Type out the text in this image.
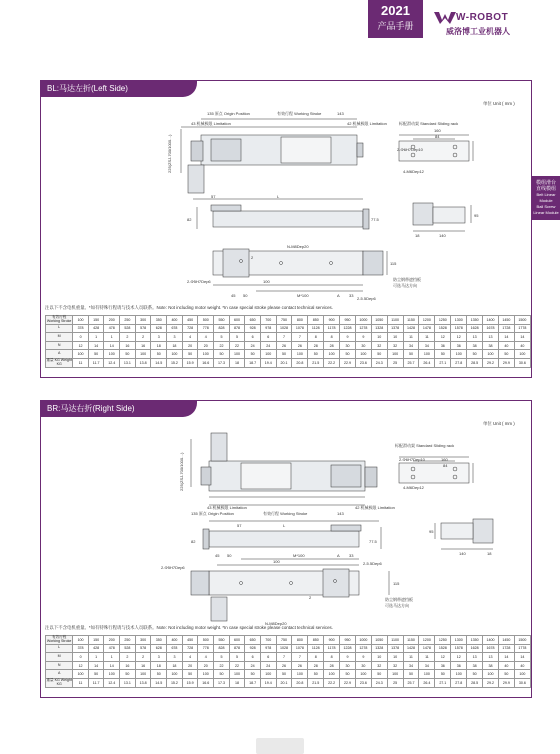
2021
产品手册
W-ROBOT
威洛博工业机器人
模组滑台
直线模组
Belt Linear Module
Ball Screw Linear Module
BL:马达左折(Left Side)
单位 Unit ( mm )
135 原点 Origin Position	有效行程 Working Stroke	143
43 机械极限 Limitation	42 机械极限 Limitation	标配滑动架 Standard Sliding rack
160
84
2-Φ6H7Dep10
4-M6Dep12
57	L
82	77.5
95
18	140
N-M8Dep20
2-Φ5H7Dep6	100
M*100	A
45 50	33
2
115
2-5.5Dep6
防尘钢带遮挡板
可选马达方向
225(ZSJ-700/1000…)
注以下不含电机重量。*如有特殊行程请与技术人员联系。Note: Not including motor weight. *In case special stroke please contact technical services.
有效行程 Working Stroke	100	150	200	250	300	350	400	450	500	550	600	650	700	750	800	850	900	950	1000	1050	1100	1150	1200	1250	1300	1350	1400	1450	1500
L	378	428	478	528	578	628	678	728	778	828	878	928	978	1028	1078	1128	1178	1228	1278	1328	1378	1428	1478	1528	1578	1628	1678	1728	1778
M	0	1	1	2	2	3	3	4	4	5	5	6	6	7	7	8	8	9	9	10	10	11	11	12	12	13	13	14	14
N	12	14	14	16	16	18	18	20	20	22	22	24	24	26	26	28	28	30	30	32	32	34	34	36	36	38	38	40	40
A	100	50	100	50	100	50	100	50	100	50	100	50	100	50	100	50	100	50	100	50	100	50	100	50	100	50	100	50	100
重量 KG Weight KG	11	11.7	12.4	13.1	13.8	14.5	15.2	15.9	16.6	17.3	18	18.7	19.4	20.1	20.8	21.5	22.2	22.9	23.6	24.3	25	25.7	26.4	27.1	27.8	28.5	29.2	29.9	30.6
BR:马达右折(Right Side)
单位 Unit ( mm )
135 原点 Origin Position	有效行程 Working Stroke	143
43 机械极限 Limitation	42 机械极限 Limitation
标配滑动架 Standard Sliding rack
160
84
2-Φ6H7Dep10
4-M6Dep12
57	L
82	77.5
95
18
140
N-M8Dep20
2-Φ5H7Dep6
100
M*100	A
45 50	33
2
115
2-5.5Dep6
防尘钢带遮挡板
可选马达方向
225(ZSJ-700/1000…)
注以下不含电机重量。*如有特殊行程请与技术人员联系。Note: Not including motor weight. *In case special stroke please contact technical services.
有效行程 Working Stroke	100	150	200	250	300	350	400	450	500	550	600	650	700	750	800	850	900	950	1000	1050	1100	1150	1200	1250	1300	1350	1400	1450	1500
L	378	428	478	528	578	628	678	728	778	828	878	928	978	1028	1078	1128	1178	1228	1278	1328	1378	1428	1478	1528	1578	1628	1678	1728	1778
M	0	1	1	2	2	3	3	4	4	5	5	6	6	7	7	8	8	9	9	10	10	11	11	12	12	13	13	14	14
N	12	14	14	16	16	18	18	20	20	22	22	24	24	26	26	28	28	30	30	32	32	34	34	36	36	38	38	40	40
A	100	50	100	50	100	50	100	50	100	50	100	50	100	50	100	50	100	50	100	50	100	50	100	50	100	50	100	50	100
重量 KG Weight KG	11	11.7	12.4	13.1	13.8	14.5	15.2	15.9	16.6	17.3	18	18.7	19.4	20.1	20.8	21.5	22.2	22.9	23.6	24.3	25	25.7	26.4	27.1	27.8	28.5	29.2	29.9	30.6
